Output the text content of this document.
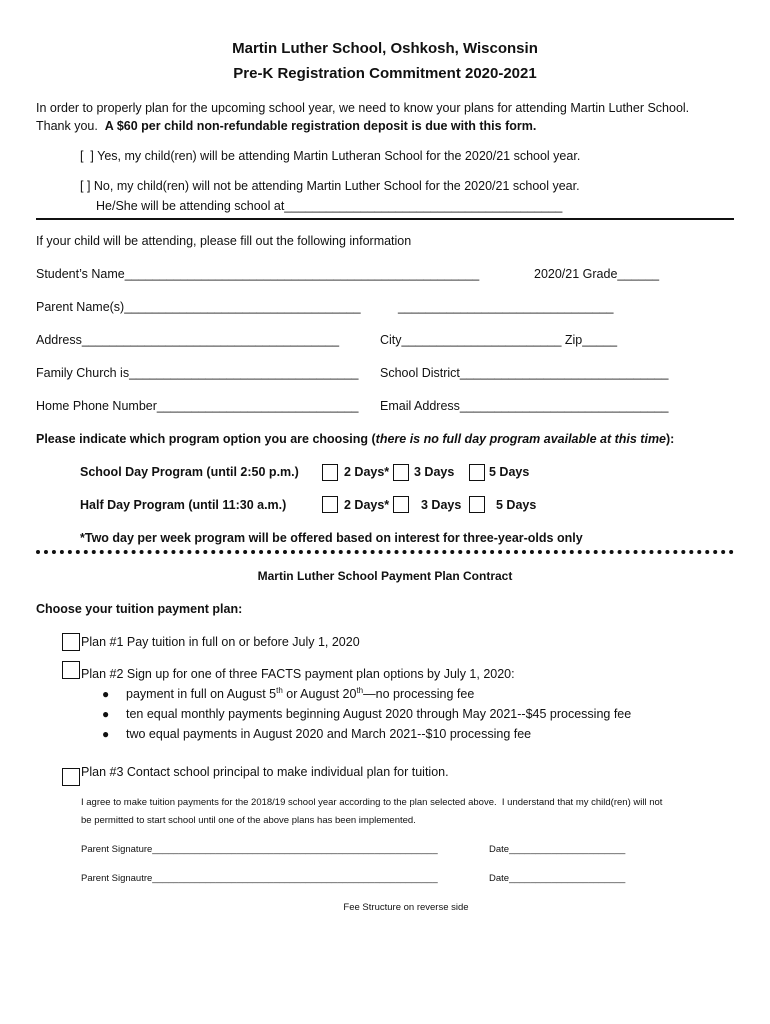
Martin Luther School, Oshkosh, Wisconsin
Pre-K Registration Commitment 2020-2021
In order to properly plan for the upcoming school year, we need to know your plans for attending Martin Luther School.
Thank you.  A $60 per child non-refundable registration deposit is due with this form.
[  ] Yes, my child(ren) will be attending Martin Lutheran School for the 2020/21 school year.
[ ] No, my child(ren) will not be attending Martin Luther School for the 2020/21 school year.
He/She will be attending school at________________________________________
If your child will be attending, please fill out the following information
Student’s Name___________________________________________________	2020/21 Grade______
Parent Name(s)__________________________________	_______________________________
Address_____________________________________	City_______________________ Zip_____
Family Church is_________________________________ School District______________________________
Home Phone Number_____________________________ Email Address______________________________
Please indicate which program option you are choosing (there is no full day program available at this time):
School Day Program (until 2:50 p.m.)	2 Days* 3 Days	5 Days
Half Day Program (until 11:30 a.m.)	2 Days*	3 Days	5 Days
*Two day per week program will be offered based on interest for three-year-olds only
Martin Luther School Payment Plan Contract
Choose your tuition payment plan:
Plan #1 Pay tuition in full on or before July 1, 2020
Plan #2 Sign up for one of three FACTS payment plan options by July 1, 2020:
● payment in full on August 5th or August 20th—no processing fee
● ten equal monthly payments beginning August 2020 through May 2021--$45 processing fee
● two equal payments in August 2020 and March 2021--$10 processing fee
Plan #3 Contact school principal to make individual plan for tuition.
I agree to make tuition payments for the 2018/19 school year according to the plan selected above.  I understand that my child(ren) will not
be permitted to start school until one of the above plans has been implemented.
Parent Signature______________________________________________________	Date______________________
Parent Signautre______________________________________________________	Date______________________
Fee Structure on reverse side
